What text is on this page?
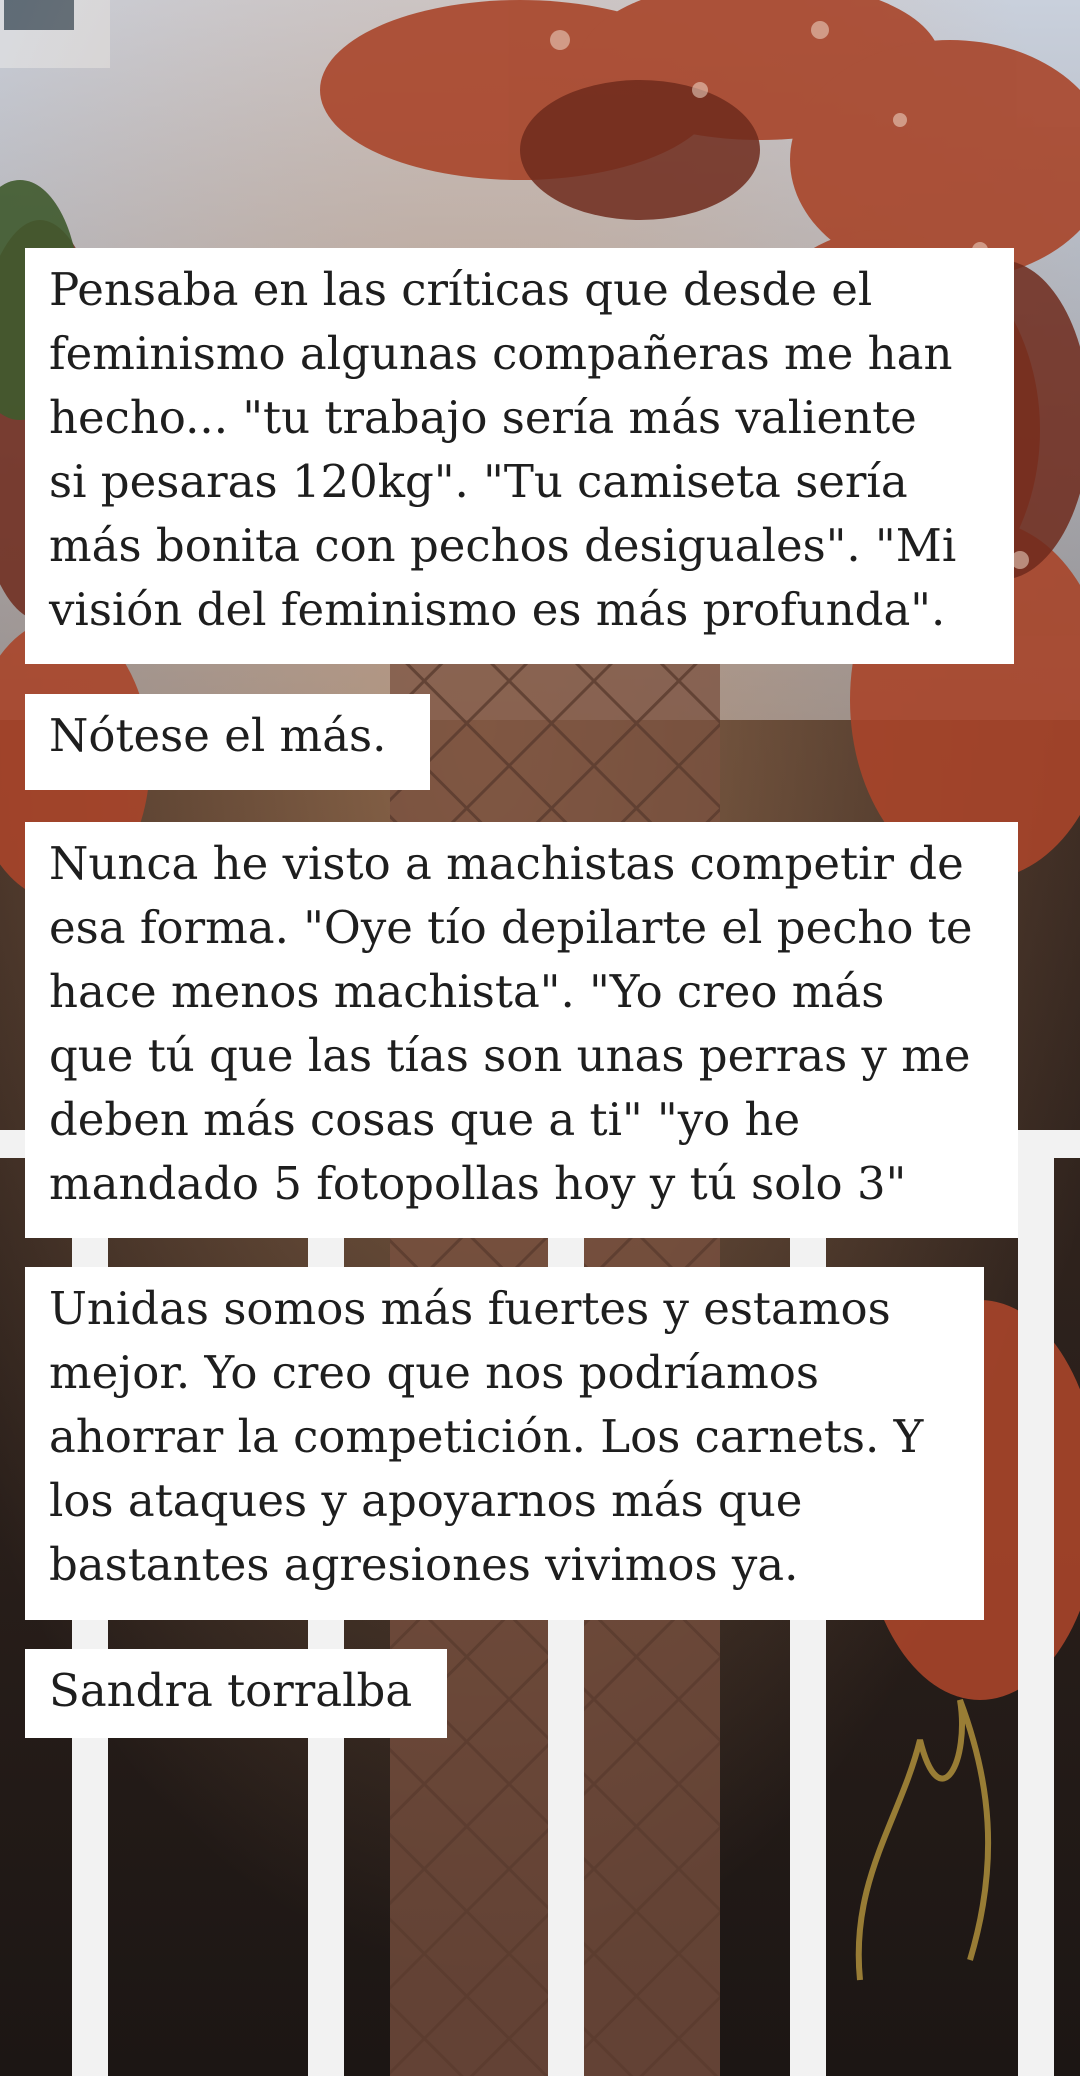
Pensaba en las críticas que desde el
feminismo algunas compañeras me han
hecho... "tu trabajo sería más valiente
si pesaras 120kg". "Tu camiseta sería
más bonita con pechos desiguales". "Mi
visión del feminismo es más profunda".
Nótese el más.
Nunca he visto a machistas competir de
esa forma. "Oye tío depilarte el pecho te
hace menos machista". "Yo creo más
que tú que las tías son unas perras y me
deben más cosas que a ti" "yo he
mandado 5 fotopollas hoy y tú solo 3"
Unidas somos más fuertes y estamos
mejor. Yo creo que nos podríamos
ahorrar la competición. Los carnets. Y
los ataques y apoyarnos más que
bastantes agresiones vivimos ya.
Sandra torralba
